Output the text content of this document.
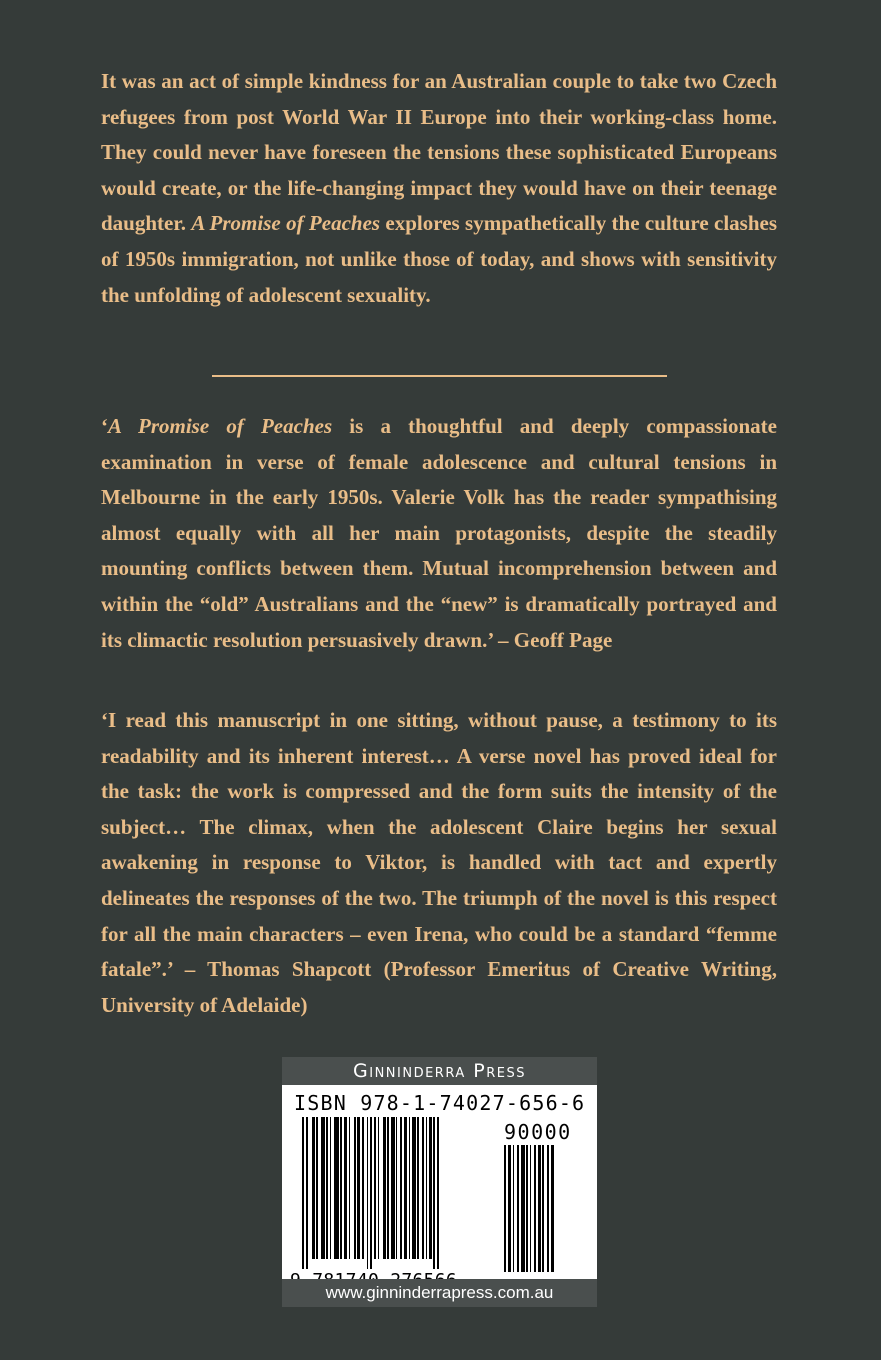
It was an act of simple kindness for an Australian couple to take two Czech refugees from post World War II Europe into their working-class home. They could never have foreseen the tensions these sophisticated Europeans would create, or the life-changing impact they would have on their teenage daughter. A Promise of Peaches explores sympathetically the culture clashes of 1950s immigration, not unlike those of today, and shows with sensitivity the unfolding of adolescent sexuality.
‘A Promise of Peaches is a thoughtful and deeply compassionate examination in verse of female adolescence and cultural tensions in Melbourne in the early 1950s. Valerie Volk has the reader sympathising almost equally with all her main protagonists, despite the steadily mounting conflicts between them. Mutual incomprehension between and within the “old” Australians and the “new” is dramatically portrayed and its climactic resolution persuasively drawn.’ – Geoff Page
‘I read this manuscript in one sitting, without pause, a testimony to its readability and its inherent interest… A verse novel has proved ideal for the task: the work is compressed and the form suits the intensity of the subject… The climax, when the adolescent Claire begins her sexual awakening in response to Viktor, is handled with tact and expertly delineates the responses of the two. The triumph of the novel is this respect for all the main characters – even Irena, who could be a standard “femme fatale”.’ – Thomas Shapcott (Professor Emeritus of Creative Writing, University of Adelaide)
Ginninderra Press
ISBN 978-1-74027-656-6
90000
www.ginninderrapress.com.au
